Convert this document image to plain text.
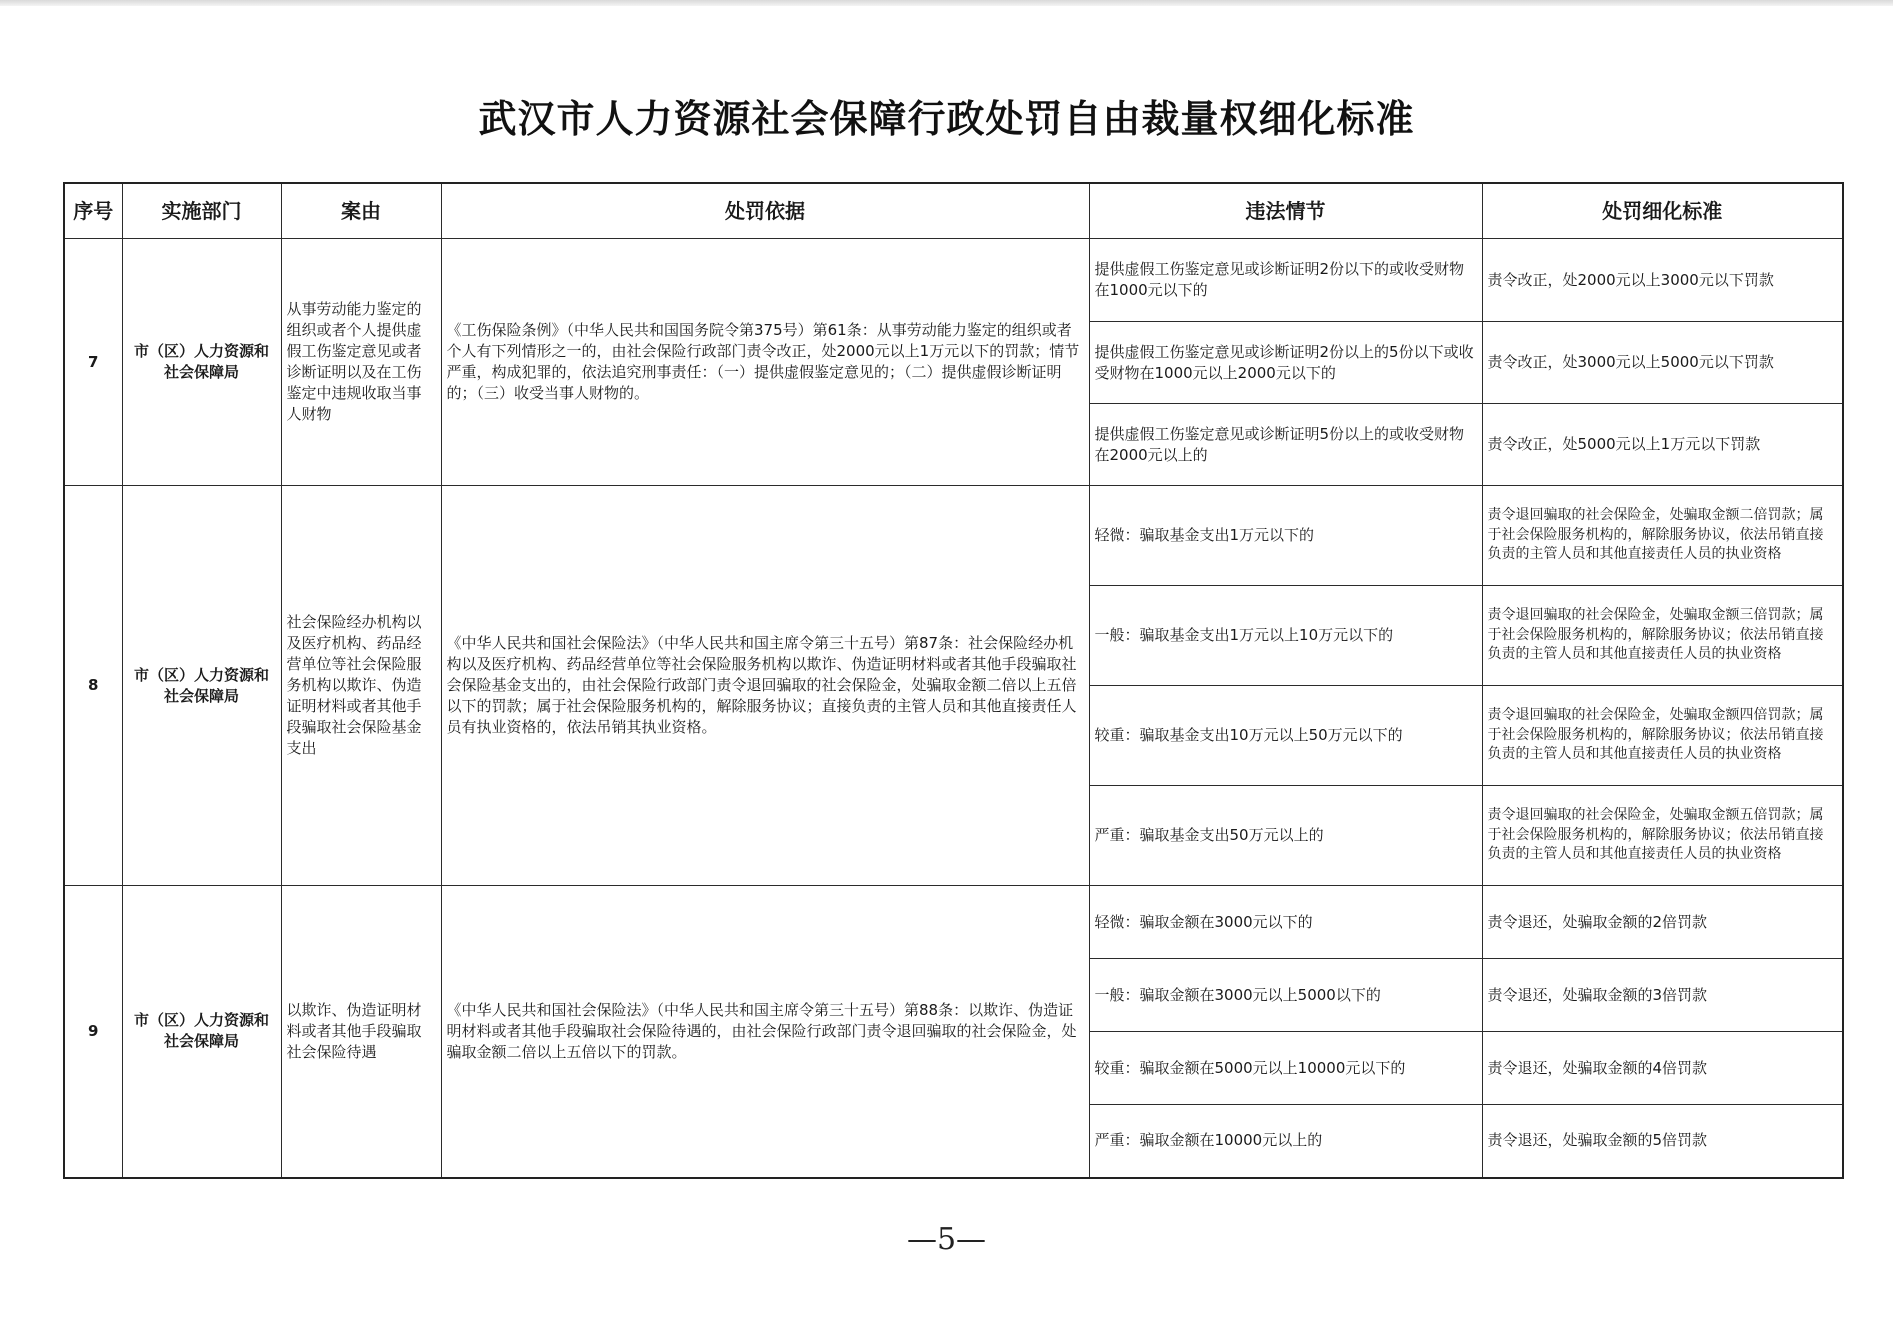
武汉市人力资源社会保障行政处罚自由裁量权细化标准
序号	实施部门	案由	处罚依据	违法情节	处罚细化标准
7	市（区）人力资源和社会保障局	从事劳动能力鉴定的组织或者个人提供虚假工伤鉴定意见或者诊断证明以及在工伤鉴定中违规收取当事人财物	《工伤保险条例》（中华人民共和国国务院令第375号）第61条：从事劳动能力鉴定的组织或者个人有下列情形之一的，由社会保险行政部门责令改正，处2000元以上1万元以下的罚款；情节严重，构成犯罪的，依法追究刑事责任：（一）提供虚假鉴定意见的；（二）提供虚假诊断证明的；（三）收受当事人财物的。	提供虚假工伤鉴定意见或诊断证明2份以下的或收受财物在1000元以下的	责令改正，处2000元以上3000元以下罚款
				提供虚假工伤鉴定意见或诊断证明2份以上的5份以下或收受财物在1000元以上2000元以下的	责令改正，处3000元以上5000元以下罚款
				提供虚假工伤鉴定意见或诊断证明5份以上的或收受财物在2000元以上的	责令改正，处5000元以上1万元以下罚款
8	市（区）人力资源和社会保障局	社会保险经办机构以及医疗机构、药品经营单位等社会保险服务机构以欺诈、伪造证明材料或者其他手段骗取社会保险基金支出	《中华人民共和国社会保险法》（中华人民共和国主席令第三十五号）第87条：社会保险经办机构以及医疗机构、药品经营单位等社会保险服务机构以欺诈、伪造证明材料或者其他手段骗取社会保险基金支出的，由社会保险行政部门责令退回骗取的社会保险金，处骗取金额二倍以上五倍以下的罚款；属于社会保险服务机构的，解除服务协议；直接负责的主管人员和其他直接责任人员有执业资格的，依法吊销其执业资格。	轻微：骗取基金支出1万元以下的	责令退回骗取的社会保险金，处骗取金额二倍罚款；属于社会保险服务机构的，解除服务协议，依法吊销直接负责的主管人员和其他直接责任人员的执业资格
				一般：骗取基金支出1万元以上10万元以下的	责令退回骗取的社会保险金，处骗取金额三倍罚款；属于社会保险服务机构的，解除服务协议；依法吊销直接负责的主管人员和其他直接责任人员的执业资格
				较重：骗取基金支出10万元以上50万元以下的	责令退回骗取的社会保险金，处骗取金额四倍罚款；属于社会保险服务机构的，解除服务协议；依法吊销直接负责的主管人员和其他直接责任人员的执业资格
				严重：骗取基金支出50万元以上的	责令退回骗取的社会保险金，处骗取金额五倍罚款；属于社会保险服务机构的，解除服务协议；依法吊销直接负责的主管人员和其他直接责任人员的执业资格
9	市（区）人力资源和社会保障局	以欺诈、伪造证明材料或者其他手段骗取社会保险待遇	《中华人民共和国社会保险法》（中华人民共和国主席令第三十五号）第88条：以欺诈、伪造证明材料或者其他手段骗取社会保险待遇的，由社会保险行政部门责令退回骗取的社会保险金，处骗取金额二倍以上五倍以下的罚款。	轻微：骗取金额在3000元以下的	责令退还，处骗取金额的2倍罚款
				一般：骗取金额在3000元以上5000以下的	责令退还，处骗取金额的3倍罚款
				较重：骗取金额在5000元以上10000元以下的	责令退还，处骗取金额的4倍罚款
				严重：骗取金额在10000元以上的	责令退还，处骗取金额的5倍罚款
—5—
